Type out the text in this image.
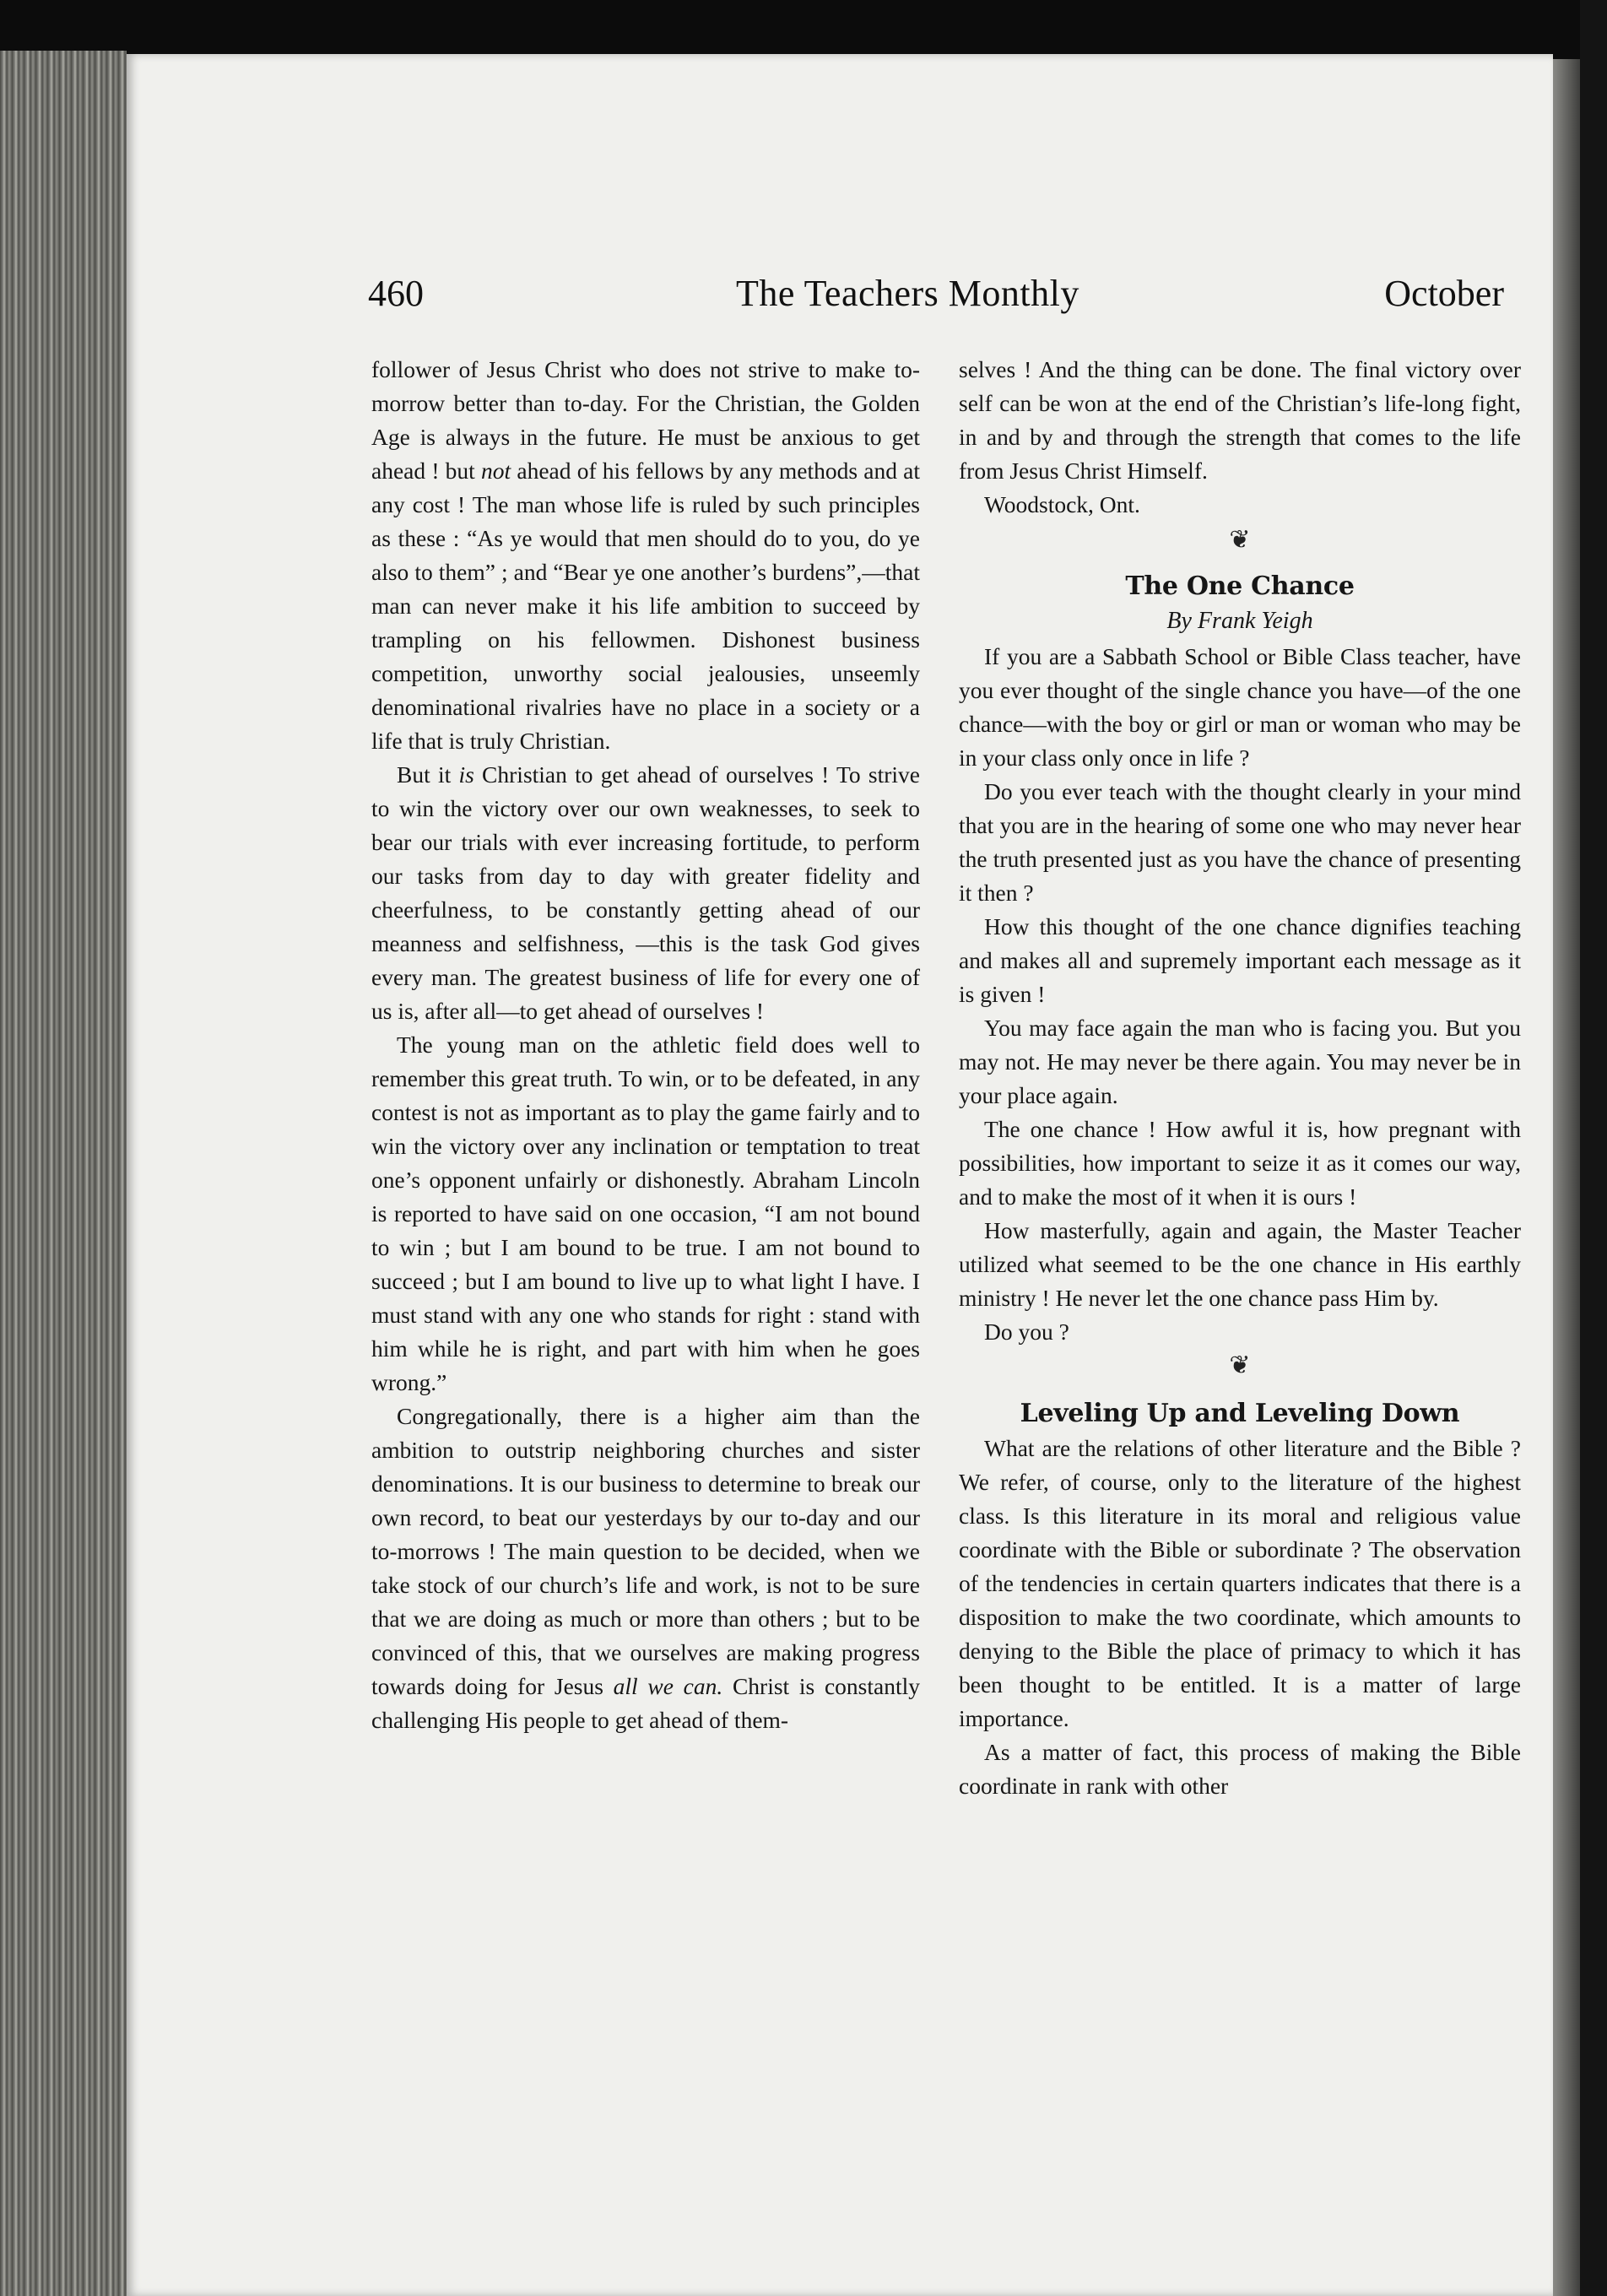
460	The Teachers Monthly	October

follower of Jesus Christ who does not strive to make to-morrow better than to-day. For the Christian, the Golden Age is always in the future. He must be anxious to get ahead ! but not ahead of his fellows by any methods and at any cost ! The man whose life is ruled by such principles as these : “As ye would that men should do to you, do ye also to them” ; and “Bear ye one another’s burdens”,—that man can never make it his life ambition to succeed by trampling on his fellowmen. Dishonest business competition, unworthy social jealousies, unseemly denominational rivalries have no place in a society or a life that is truly Christian.

But it is Christian to get ahead of ourselves ! To strive to win the victory over our own weaknesses, to seek to bear our trials with ever increasing fortitude, to perform our tasks from day to day with greater fidelity and cheerfulness, to be constantly getting ahead of our meanness and selfishness, —this is the task God gives every man. The greatest business of life for every one of us is, after all—to get ahead of ourselves !

The young man on the athletic field does well to remember this great truth. To win, or to be defeated, in any contest is not as important as to play the game fairly and to win the victory over any inclination or temptation to treat one’s opponent unfairly or dishonestly. Abraham Lincoln is reported to have said on one occasion, “I am not bound to win ; but I am bound to be true. I am not bound to succeed ; but I am bound to live up to what light I have. I must stand with any one who stands for right : stand with him while he is right, and part with him when he goes wrong.”

Congregationally, there is a higher aim than the ambition to outstrip neighboring churches and sister denominations. It is our business to determine to break our own record, to beat our yesterdays by our to-day and our to-morrows ! The main question to be decided, when we take stock of our church’s life and work, is not to be sure that we are doing as much or more than others ; but to be convinced of this, that we ourselves are making progress towards doing for Jesus all we can. Christ is constantly challenging His people to get ahead of them-

selves ! And the thing can be done. The final victory over self can be won at the end of the Christian’s life-long fight, in and by and through the strength that comes to the life from Jesus Christ Himself.

Woodstock, Ont.

❦
The One Chance
By Frank Yeigh

If you are a Sabbath School or Bible Class teacher, have you ever thought of the single chance you have—of the one chance—with the boy or girl or man or woman who may be in your class only once in life ?

Do you ever teach with the thought clearly in your mind that you are in the hearing of some one who may never hear the truth presented just as you have the chance of presenting it then ?

How this thought of the one chance dignifies teaching and makes all and supremely important each message as it is given !

You may face again the man who is facing you. But you may not. He may never be there again. You may never be in your place again.

The one chance ! How awful it is, how pregnant with possibilities, how important to seize it as it comes our way, and to make the most of it when it is ours !

How masterfully, again and again, the Master Teacher utilized what seemed to be the one chance in His earthly ministry ! He never let the one chance pass Him by.

Do you ?

❦
Leveling Up and Leveling Down

What are the relations of other literature and the Bible ? We refer, of course, only to the literature of the highest class. Is this literature in its moral and religious value coordinate with the Bible or subordinate ? The observation of the tendencies in certain quarters indicates that there is a disposition to make the two coordinate, which amounts to denying to the Bible the place of primacy to which it has been thought to be entitled. It is a matter of large importance.

As a matter of fact, this process of making the Bible coordinate in rank with other
